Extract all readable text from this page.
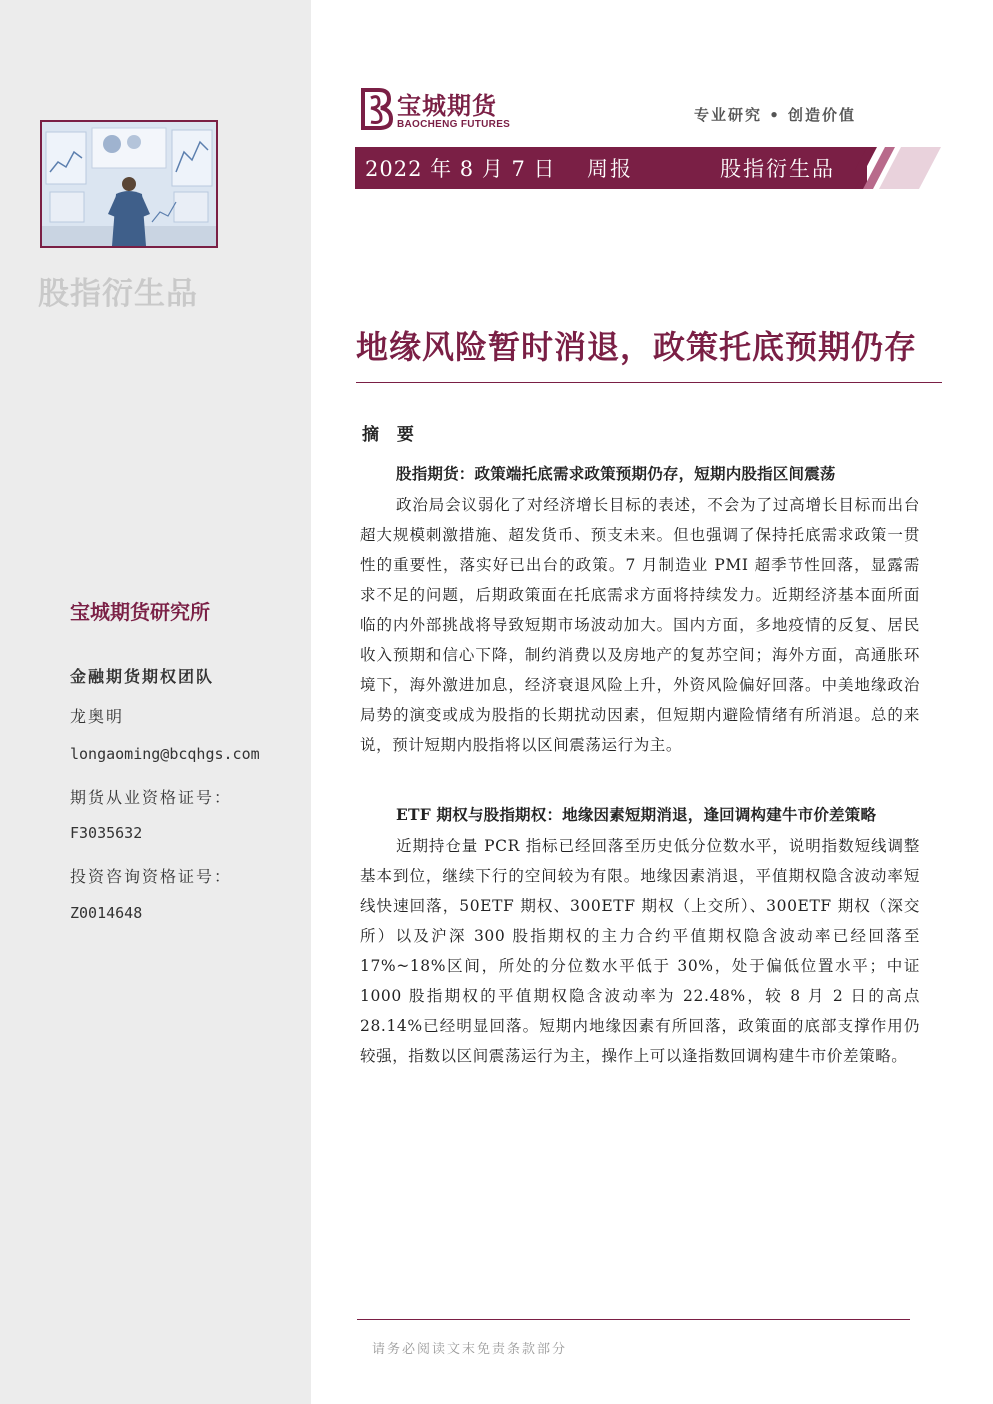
股指衍生品
宝城期货研究所
金融期货期权团队
龙奥明
longaoming@bcqhgs.com
期货从业资格证号：
F3035632
投资咨询资格证号：
Z0014648
宝城期货
BAOCHENG FUTURES
专业研究 • 创造价值
2022 年 8 月 7 日 周报	股指衍生品
地缘风险暂时消退，政策托底预期仍存
摘 要
股指期货：政策端托底需求政策预期仍存，短期内股指区间震荡

政治局会议弱化了对经济增长目标的表述，不会为了过高增长目标而出台超大规模刺激措施、超发货币、预支未来。但也强调了保持托底需求政策一贯性的重要性，落实好已出台的政策。7 月制造业 PMI 超季节性回落，显露需求不足的问题，后期政策面在托底需求方面将持续发力。近期经济基本面所面临的内外部挑战将导致短期市场波动加大。国内方面，多地疫情的反复、居民收入预期和信心下降，制约消费以及房地产的复苏空间；海外方面，高通胀环境下，海外激进加息，经济衰退风险上升，外资风险偏好回落。中美地缘政治局势的演变或成为股指的长期扰动因素，但短期内避险情绪有所消退。总的来说，预计短期内股指将以区间震荡运行为主。

ETF 期权与股指期权：地缘因素短期消退，逢回调构建牛市价差策略

近期持仓量 PCR 指标已经回落至历史低分位数水平，说明指数短线调整基本到位，继续下行的空间较为有限。地缘因素消退，平值期权隐含波动率短线快速回落，50ETF 期权、300ETF 期权（上交所）、300ETF 期权（深交所）以及沪深 300 股指期权的主力合约平值期权隐含波动率已经回落至 17%~18%区间，所处的分位数水平低于 30%，处于偏低位置水平；中证 1000 股指期权的平值期权隐含波动率为 22.48%，较 8 月 2 日的高点 28.14%已经明显回落。短期内地缘因素有所回落，政策面的底部支撑作用仍较强，指数以区间震荡运行为主，操作上可以逢指数回调构建牛市价差策略。

请务必阅读文末免责条款部分
